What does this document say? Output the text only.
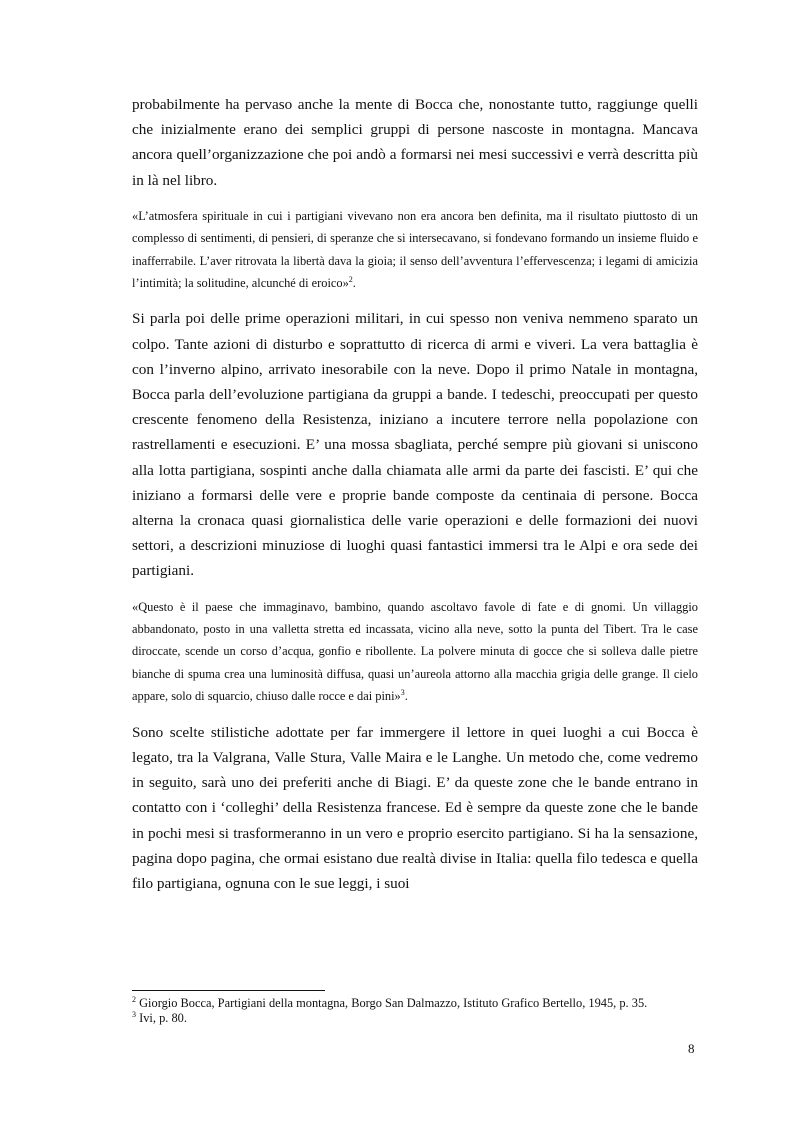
probabilmente ha pervaso anche la mente di Bocca che, nonostante tutto, raggiunge quelli che inizialmente erano dei semplici gruppi di persone nascoste in montagna. Mancava ancora quell’organizzazione che poi andò a formarsi nei mesi successivi e verrà descritta più in là nel libro.

«L’atmosfera spirituale in cui i partigiani vivevano non era ancora ben definita, ma il risultato piuttosto di un complesso di sentimenti, di pensieri, di speranze che si intersecavano, si fondevano formando un insieme fluido e inafferrabile. L’aver ritrovata la libertà dava la gioia; il senso dell’avventura l’effervescenza; i legami di amicizia l’intimità; la solitudine, alcunché di eroico»$^2$.

Si parla poi delle prime operazioni militari, in cui spesso non veniva nemmeno sparato un colpo. Tante azioni di disturbo e soprattutto di ricerca di armi e viveri. La vera battaglia è con l’inverno alpino, arrivato inesorabile con la neve. Dopo il primo Natale in montagna, Bocca parla dell’evoluzione partigiana da gruppi a bande. I tedeschi, preoccupati per questo crescente fenomeno della Resistenza, iniziano a incutere terrore nella popolazione con rastrellamenti e esecuzioni. E’ una mossa sbagliata, perché sempre più giovani si uniscono alla lotta partigiana, sospinti anche dalla chiamata alle armi da parte dei fascisti. E’ qui che iniziano a formarsi delle vere e proprie bande composte da centinaia di persone. Bocca alterna la cronaca quasi giornalistica delle varie operazioni e delle formazioni dei nuovi settori, a descrizioni minuziose di luoghi quasi fantastici immersi tra le Alpi e ora sede dei partigiani.

«Questo è il paese che immaginavo, bambino, quando ascoltavo favole di fate e di gnomi. Un villaggio abbandonato, posto in una valletta stretta ed incassata, vicino alla neve, sotto la punta del Tibert. Tra le case diroccate, scende un corso d’acqua, gonfio e ribollente. La polvere minuta di gocce che si solleva dalle pietre bianche di spuma crea una luminosità diffusa, quasi un’aureola attorno alla macchia grigia delle grange. Il cielo appare, solo di squarcio, chiuso dalle rocce e dai pini»$^3$.

Sono scelte stilistiche adottate per far immergere il lettore in quei luoghi a cui Bocca è legato, tra la Valgrana, Valle Stura, Valle Maira e le Langhe. Un metodo che, come vedremo in seguito, sarà uno dei preferiti anche di Biagi. E’ da queste zone che le bande entrano in contatto con i ‘colleghi’ della Resistenza francese. Ed è sempre da queste zone che le bande in pochi mesi si trasformeranno in un vero e proprio esercito partigiano. Si ha la sensazione, pagina dopo pagina, che ormai esistano due realtà divise in Italia: quella filo tedesca e quella filo partigiana, ognuna con le sue leggi, i suoi

$^2$ Giorgio Bocca, Partigiani della montagna, Borgo San Dalmazzo, Istituto Grafico Bertello, 1945, p. 35.
$^3$ Ivi, p. 80.
8
